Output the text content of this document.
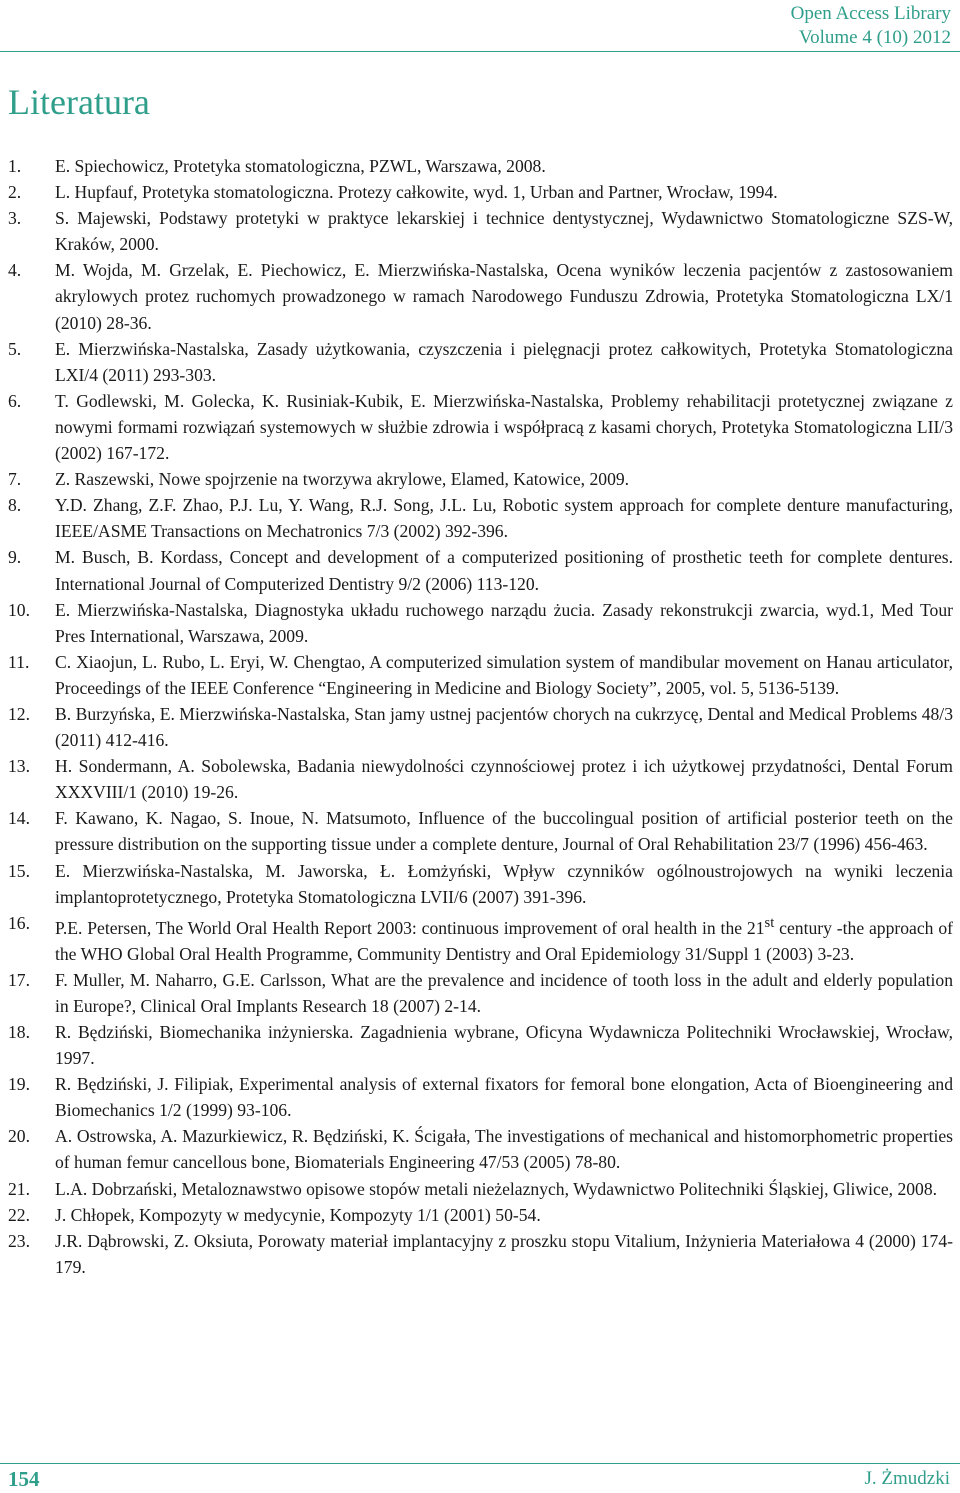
Open Access Library
Volume 4 (10) 2012
Literatura
1. E. Spiechowicz, Protetyka stomatologiczna, PZWL, Warszawa, 2008.
2. L. Hupfauf, Protetyka stomatologiczna. Protezy całkowite, wyd. 1, Urban and Partner, Wrocław, 1994.
3. S. Majewski, Podstawy protetyki w praktyce lekarskiej i technice dentystycznej, Wydawnictwo Stomatologiczne SZS-W, Kraków, 2000.
4. M. Wojda, M. Grzelak, E. Piechowicz, E. Mierzwińska-Nastalska, Ocena wyników leczenia pacjentów z zastosowaniem akrylowych protez ruchomych prowadzonego w ramach Narodowego Funduszu Zdrowia, Protetyka Stomatologiczna LX/1 (2010) 28-36.
5. E. Mierzwińska-Nastalska, Zasady użytkowania, czyszczenia i pielęgnacji protez całkowitych, Protetyka Stomatologiczna LXI/4 (2011) 293-303.
6. T. Godlewski, M. Golecka, K. Rusiniak-Kubik, E. Mierzwińska-Nastalska, Problemy rehabilitacji protetycznej związane z nowymi formami rozwiązań systemowych w służbie zdrowia i współpracą z kasami chorych, Protetyka Stomatologiczna LII/3 (2002) 167-172.
7. Z. Raszewski, Nowe spojrzenie na tworzywa akrylowe, Elamed, Katowice, 2009.
8. Y.D. Zhang, Z.F. Zhao, P.J. Lu, Y. Wang, R.J. Song, J.L. Lu, Robotic system approach for complete denture manufacturing, IEEE/ASME Transactions on Mechatronics 7/3 (2002) 392-396.
9. M. Busch, B. Kordass, Concept and development of a computerized positioning of prosthetic teeth for complete dentures. International Journal of Computerized Dentistry 9/2 (2006) 113-120.
10. E. Mierzwińska-Nastalska, Diagnostyka układu ruchowego narządu żucia. Zasady rekonstrukcji zwarcia, wyd.1, Med Tour Pres International, Warszawa, 2009.
11. C. Xiaojun, L. Rubo, L. Eryi, W. Chengtao, A computerized simulation system of mandibular movement on Hanau articulator, Proceedings of the IEEE Conference “Engineering in Medicine and Biology Society”, 2005, vol. 5, 5136-5139.
12. B. Burzyńska, E. Mierzwińska-Nastalska, Stan jamy ustnej pacjentów chorych na cukrzycę, Dental and Medical Problems 48/3 (2011) 412-416.
13. H. Sondermann, A. Sobolewska, Badania niewydolności czynnościowej protez i ich użytkowej przydatności, Dental Forum XXXVIII/1 (2010) 19-26.
14. F. Kawano, K. Nagao, S. Inoue, N. Matsumoto, Influence of the buccolingual position of artificial posterior teeth on the pressure distribution on the supporting tissue under a complete denture, Journal of Oral Rehabilitation 23/7 (1996) 456-463.
15. E. Mierzwińska-Nastalska, M. Jaworska, Ł. Łomżyński, Wpływ czynników ogólnoustrojowych na wyniki leczenia implantoprotetycznego, Protetyka Stomatologiczna LVII/6 (2007) 391-396.
16. P.E. Petersen, The World Oral Health Report 2003: continuous improvement of oral health in the 21st century -the approach of the WHO Global Oral Health Programme, Community Dentistry and Oral Epidemiology 31/Suppl 1 (2003) 3-23.
17. F. Muller, M. Naharro, G.E. Carlsson, What are the prevalence and incidence of tooth loss in the adult and elderly population in Europe?, Clinical Oral Implants Research 18 (2007) 2-14.
18. R. Będziński, Biomechanika inżynierska. Zagadnienia wybrane, Oficyna Wydawnicza Politechniki Wrocławskiej, Wrocław, 1997.
19. R. Będziński, J. Filipiak, Experimental analysis of external fixators for femoral bone elongation, Acta of Bioengineering and Biomechanics 1/2 (1999) 93-106.
20. A. Ostrowska, A. Mazurkiewicz, R. Będziński, K. Ścigała, The investigations of mechanical and histomorphometric properties of human femur cancellous bone, Biomaterials Engineering 47/53 (2005) 78-80.
21. L.A. Dobrzański, Metaloznawstwo opisowe stopów metali nieżelaznych, Wydawnictwo Politechniki Śląskiej, Gliwice, 2008.
22. J. Chłopek, Kompozyty w medycynie, Kompozyty 1/1 (2001) 50-54.
23. J.R. Dąbrowski, Z. Oksiuta, Porowaty materiał implantacyjny z proszku stopu Vitalium, Inżynieria Materiałowa 4 (2000) 174-179.
154	J. Żmudzki
